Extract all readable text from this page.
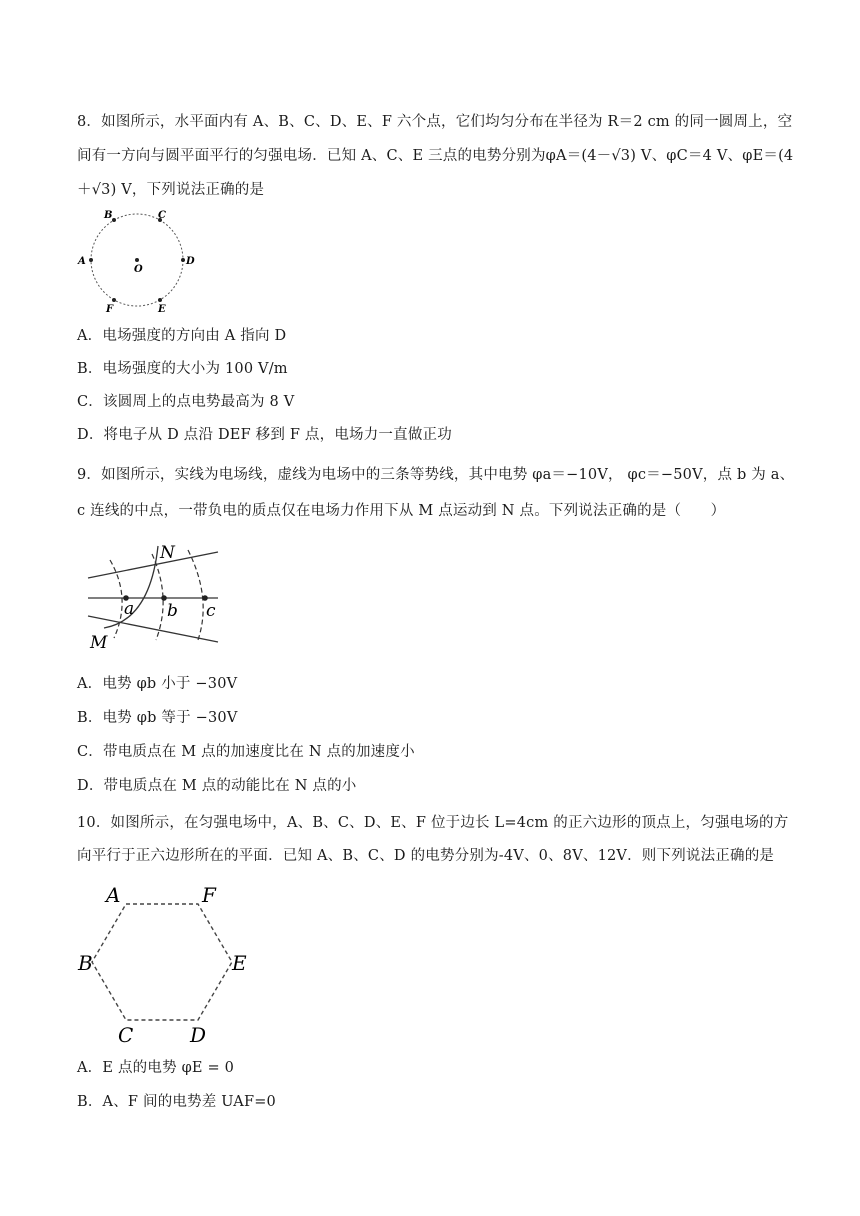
8．如图所示，水平面内有 A、B、C、D、E、F 六个点，它们均匀分布在半径为 R＝2 cm 的同一圆周上，空
间有一方向与圆平面平行的匀强电场．已知 A、C、E 三点的电势分别为φA＝(4－√3) V、φC＝4 V、φE＝(4
＋√3) V，下列说法正确的是
A
B	C
D
E
F
O
A．电场强度的方向由 A 指向 D
B．电场强度的大小为 100 V/m
C．该圆周上的点电势最高为 8 V
D．将电子从 D 点沿 DEF 移到 F 点，电场力一直做正功
9．如图所示，实线为电场线，虚线为电场中的三条等势线，其中电势 φa＝−10V， φc＝−50V，点 b 为 a、
c 连线的中点，一带负电的质点仅在电场力作用下从 M 点运动到 N 点。下列说法正确的是（　　）
N
M
a b c
A．电势 φb 小于 −30V
B．电势 φb 等于 −30V
C．带电质点在 M 点的加速度比在 N 点的加速度小
D．带电质点在 M 点的动能比在 N 点的小
10．如图所示，在匀强电场中，A、B、C、D、E、F 位于边长 L=4cm 的正六边形的顶点上，匀强电场的方
向平行于正六边形所在的平面．已知 A、B、C、D 的电势分别为-4V、0、8V、12V．则下列说法正确的是
A	F
B	E
C	D
A．E 点的电势 φE = 0
B．A、F 间的电势差 UAF=0
